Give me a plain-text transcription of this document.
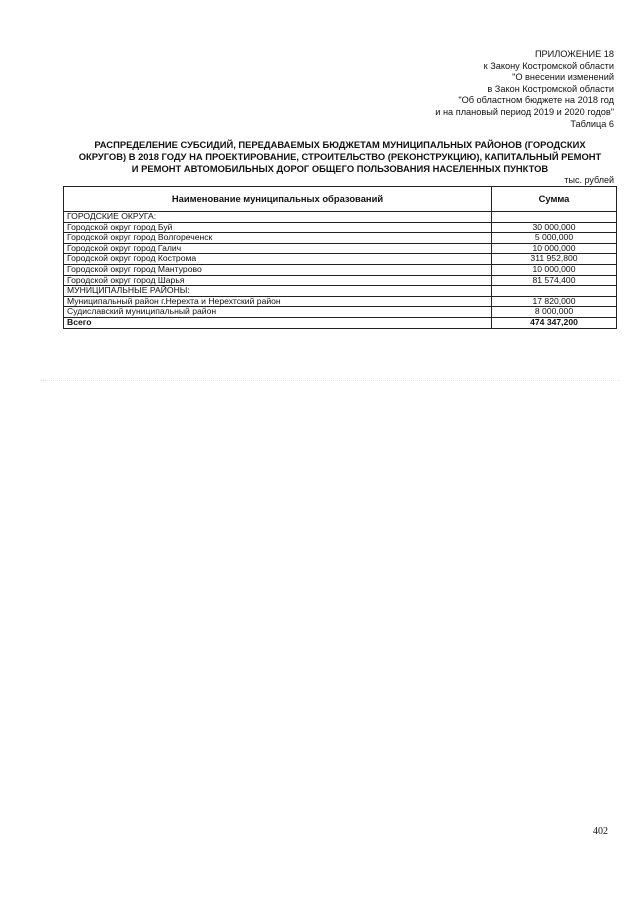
ПРИЛОЖЕНИЕ 18
к Закону Костромской области
"О внесении изменений
в Закон Костромской области
"Об областном бюджете на 2018 год
и на плановый период 2019 и 2020 годов"
Таблица 6
РАСПРЕДЕЛЕНИЕ СУБСИДИЙ, ПЕРЕДАВАЕМЫХ БЮДЖЕТАМ МУНИЦИПАЛЬНЫХ РАЙОНОВ (ГОРОДСКИХ
ОКРУГОВ) В 2018 ГОДУ НА ПРОЕКТИРОВАНИЕ, СТРОИТЕЛЬСТВО (РЕКОНСТРУКЦИЮ), КАПИТАЛЬНЫЙ РЕМОНТ
И РЕМОНТ АВТОМОБИЛЬНЫХ ДОРОГ ОБЩЕГО ПОЛЬЗОВАНИЯ НАСЕЛЕННЫХ ПУНКТОВ
тыс. рублей
Наименование муниципальных образований	Сумма
ГОРОДСКИЕ ОКРУГА:	
Городской округ город Буй	30 000,000
Городской округ город Волгореченск	5 000,000
Городской округ город Галич	10 000,000
Городской округ город Кострома	311 952,800
Городской округ город Мантурово	10 000,000
Городской округ город Шарья	81 574,400
МУНИЦИПАЛЬНЫЕ РАЙОНЫ:	
Муниципальный район г.Нерехта и Нерехтский район	17 820,000
Судиславский муниципальный район	8 000,000
Всего	474 347,200
402
